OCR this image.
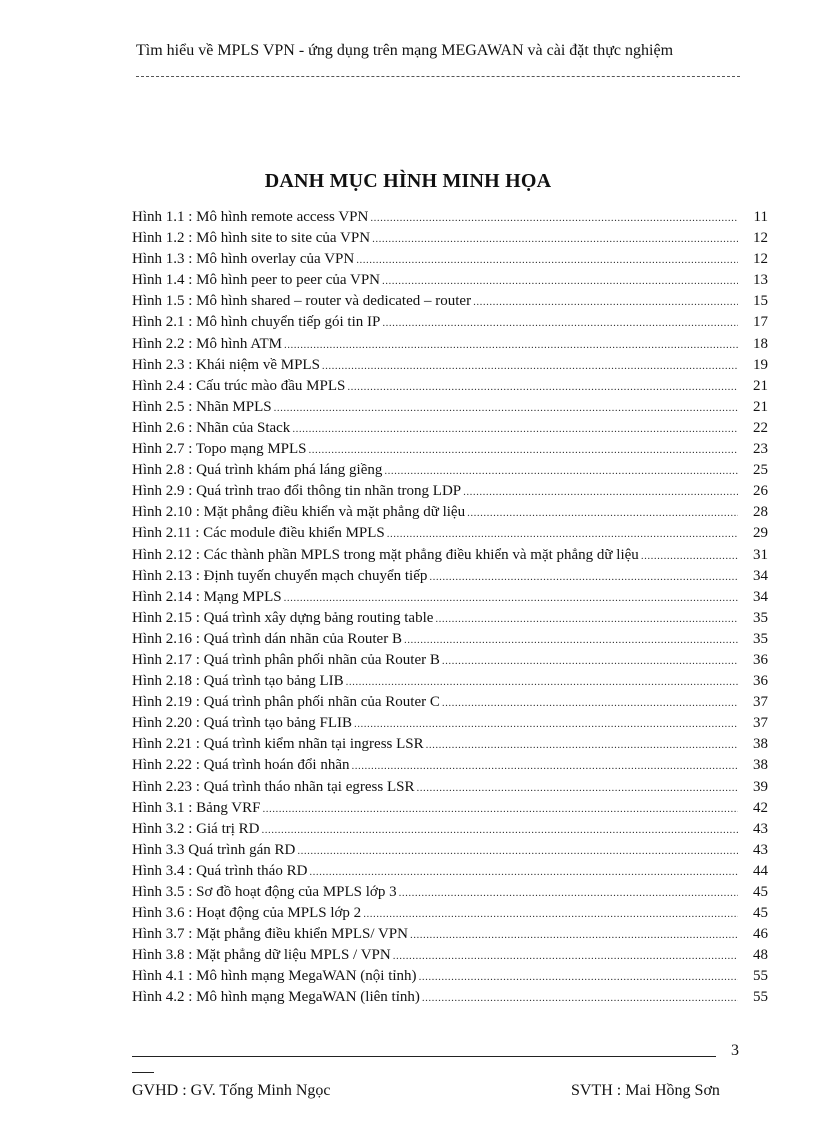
Tìm hiểu về MPLS VPN - ứng dụng trên mạng MEGAWAN và cài đặt thực nghiệm
DANH MỤC HÌNH MINH HỌA
Hình 1.1 : Mô hình remote access VPN .....	11
Hình 1.2 : Mô hình site to site của VPN .....	12
Hình 1.3 : Mô hình overlay của VPN .....	12
Hình 1.4 : Mô hình peer to peer của VPN .....	13
Hình 1.5 : Mô hình shared – router và dedicated – router .....	15
Hình 2.1 : Mô hình chuyển tiếp gói tin IP .....	17
Hình 2.2 : Mô hình ATM .....	18
Hình 2.3 : Khái niệm về MPLS .....	19
Hình 2.4 : Cấu trúc mào đầu MPLS .....	21
Hình 2.5 : Nhãn MPLS .....	21
Hình 2.6 : Nhãn của Stack .....	22
Hình 2.7 : Topo mạng MPLS .....	23
Hình 2.8 : Quá trình khám phá láng giềng .....	25
Hình 2.9 : Quá trình trao đổi thông tin nhãn trong LDP .....	26
Hình 2.10 : Mặt phẳng điều khiển và mặt phẳng dữ liệu .....	28
Hình 2.11 : Các module điều khiển MPLS .....	29
Hình 2.12 : Các thành phần MPLS trong mặt phẳng điều khiển và mặt phẳng dữ liệu .....	31
Hình 2.13 : Định tuyến chuyển mạch chuyển tiếp .....	34
Hình 2.14 : Mạng MPLS .....	34
Hình 2.15 : Quá trình xây dựng bảng routing table .....	35
Hình 2.16 : Quá trình dán nhãn của Router B .....	35
Hình 2.17 : Quá trình phân phối nhãn của Router B .....	36
Hình 2.18 : Quá trình tạo bảng LIB .....	36
Hình 2.19 : Quá trình phân phối nhãn của Router C .....	37
Hình 2.20 : Quá trình tạo bảng FLIB .....	37
Hình 2.21 : Quá trình kiểm nhãn tại ingress LSR .....	38
Hình 2.22 : Quá trình hoán đổi nhãn .....	38
Hình 2.23 : Quá trình tháo nhãn tại egress LSR .....	39
Hình 3.1 : Bảng VRF .....	42
Hình 3.2 : Giá trị RD .....	43
Hình 3.3 Quá trình gán RD .....	43
Hình 3.4 : Quá trình tháo RD .....	44
Hình 3.5 : Sơ đồ hoạt động của MPLS lớp 3 .....	45
Hình 3.6 : Hoạt động của MPLS lớp 2 .....	45
Hình 3.7 : Mặt phẳng điều khiển MPLS/ VPN .....	46
Hình 3.8 : Mặt phẳng dữ liệu MPLS / VPN .....	48
Hình 4.1 : Mô hình mạng MegaWAN (nội tỉnh) .....	55
Hình 4.2 : Mô hình mạng MegaWAN (liên tỉnh) .....	55
3
GVHD : GV. Tống Minh Ngọc	SVTH : Mai Hồng Sơn
